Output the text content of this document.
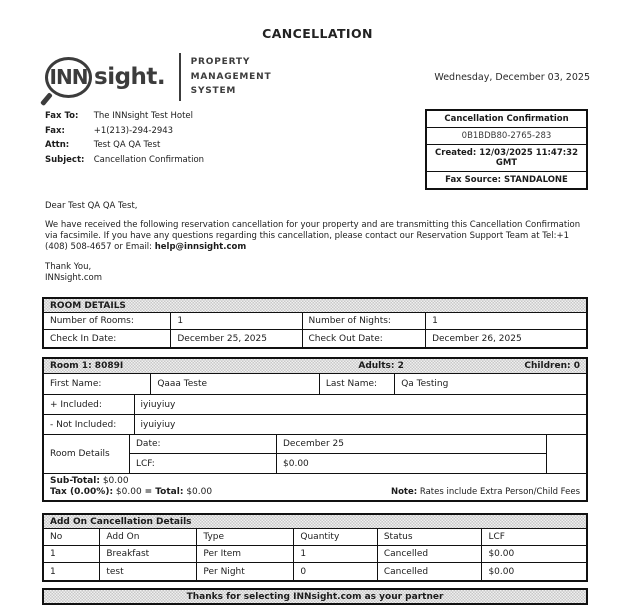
CANCELLATION
INN sight.
PROPERTY
MANAGEMENT
SYSTEM
Wednesday, December 03, 2025
Fax To: The INNsight Test Hotel
Fax:	+1(213)-294-2943
Attn:	Test QA QA Test
Subject: Cancellation Confirmation
Cancellation Confirmation
0B1BDB80-2765-283
Created: 12/03/2025 11:47:32 GMT
Fax Source: STANDALONE
Dear Test QA QA Test,
We have received the following reservation cancellation for your property and are transmitting this Cancellation Confirmation via facsimile. If you have any questions regarding this cancellation, please contact our Reservation Support Team at Tel:+1 (408) 508-4657 or Email: help@innsight.com
Thank You,
INNsight.com
ROOM DETAILS
Number of Rooms:	1	Number of Nights:	1
Check In Date:	December 25, 2025	Check Out Date:	December 26, 2025
Room 1: 8089I	Adults: 2	Children: 0
First Name:	Qaaa Teste	Last Name:	Qa Testing
+ Included:	iyiuyiuy
- Not Included:	iyuiyiuy
Room Details
Date:	December 25
LCF:	$0.00
Sub-Total: $0.00
Tax (0.00%): $0.00 = Total: $0.00	Note: Rates include Extra Person/Child Fees
Add On Cancellation Details
No	Add On	Type	Quantity	Status	LCF
1	Breakfast	Per Item	1	Cancelled	$0.00
1	test	Per Night	0	Cancelled	$0.00
Thanks for selecting INNsight.com as your partner
